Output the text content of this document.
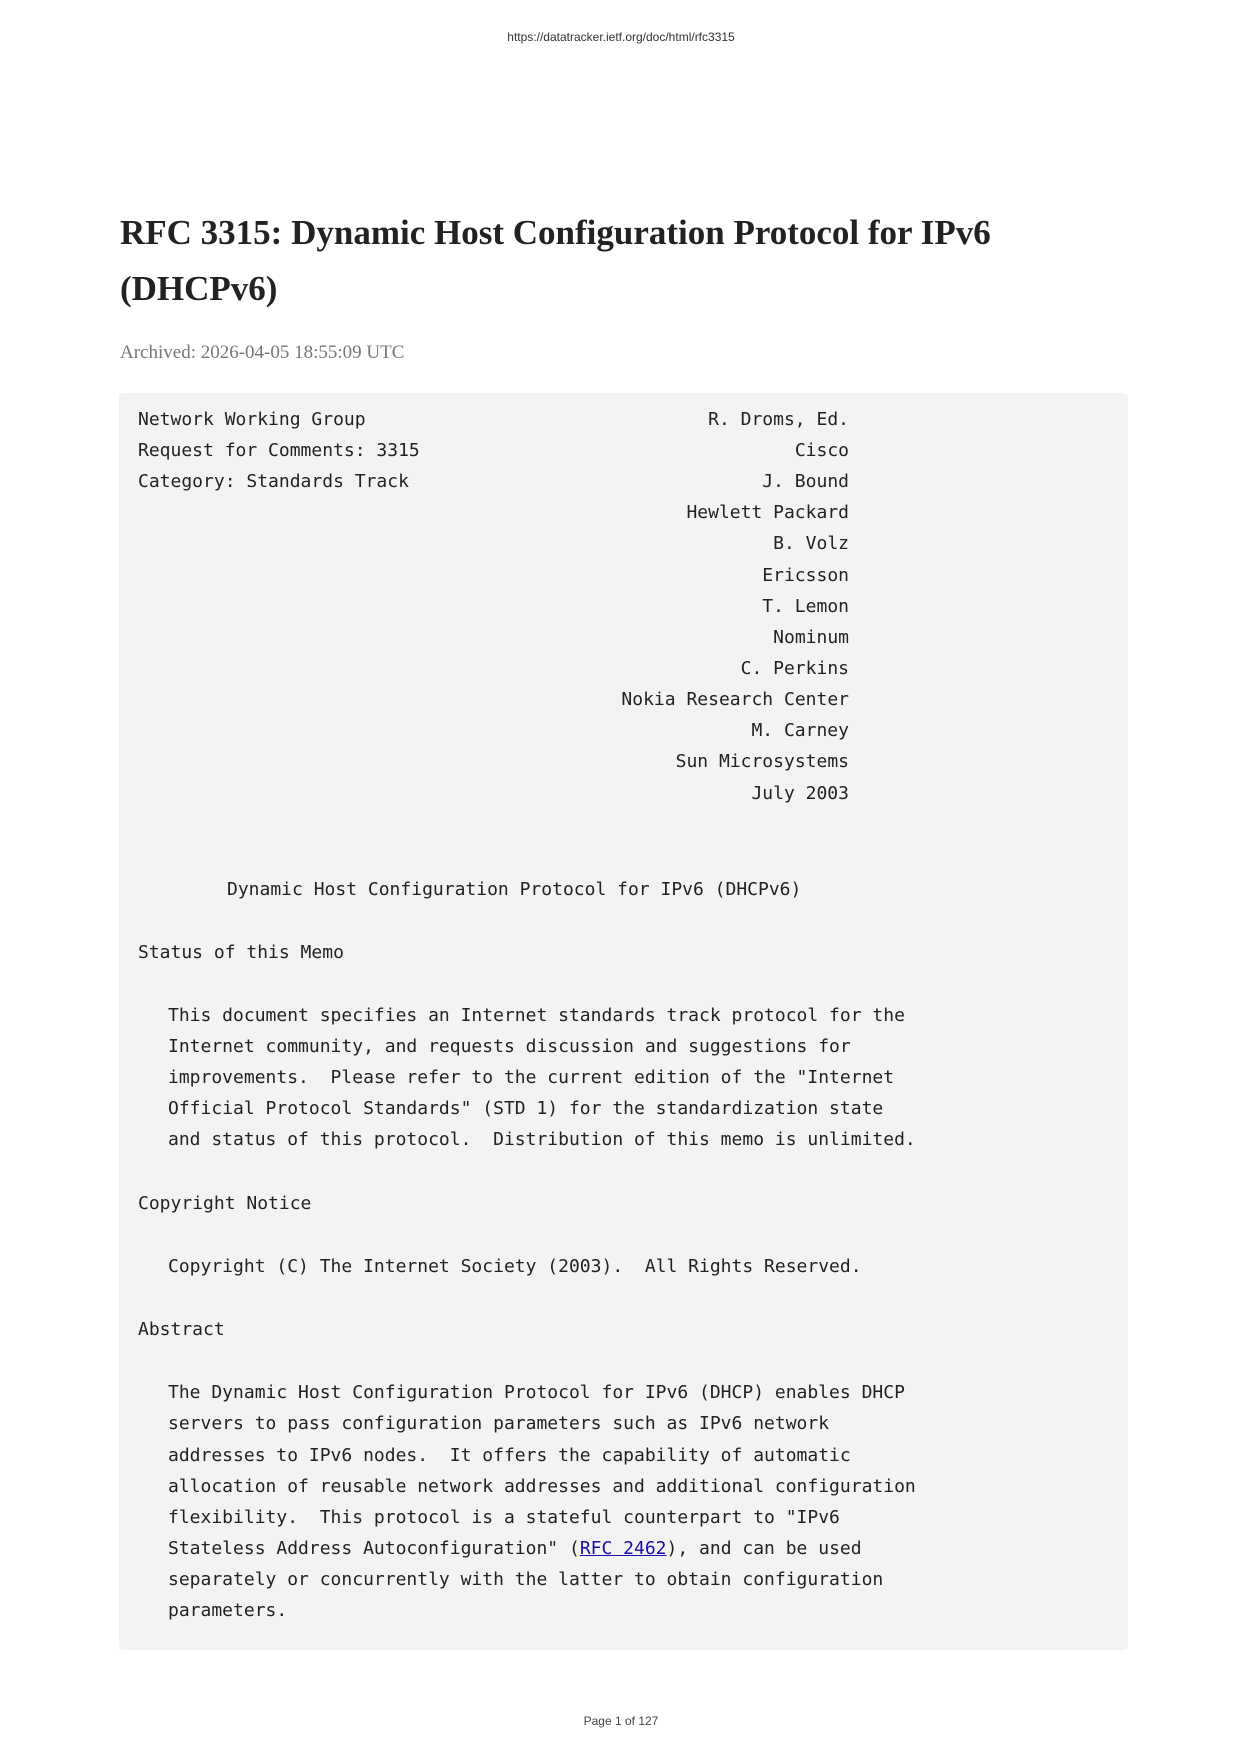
https://datatracker.ietf.org/doc/html/rfc3315
RFC 3315: Dynamic Host Configuration Protocol for IPv6 (DHCPv6)
Archived: 2026-04-05 18:55:09 UTC
Network Working Group
Request for Comments: 3315
Category: Standards Track

R. Droms, Ed.

Cisco

J. Bound

Hewlett Packard

B. Volz

Ericsson

T. Lemon

Nominum

C. Perkins

Nokia Research Center

M. Carney

Sun Microsystems

July 2003

Dynamic Host Configuration Protocol for IPv6 (DHCPv6)
Status of this Memo
This document specifies an Internet standards track protocol for the
Internet community, and requests discussion and suggestions for
improvements.  Please refer to the current edition of the "Internet
Official Protocol Standards" (STD 1) for the standardization state
and status of this protocol.  Distribution of this memo is unlimited.
Copyright Notice
Copyright (C) The Internet Society (2003).  All Rights Reserved.
Abstract
The Dynamic Host Configuration Protocol for IPv6 (DHCP) enables DHCP
servers to pass configuration parameters such as IPv6 network
addresses to IPv6 nodes.  It offers the capability of automatic
allocation of reusable network addresses and additional configuration
flexibility.  This protocol is a stateful counterpart to "IPv6
Stateless Address Autoconfiguration" (RFC 2462), and can be used
separately or concurrently with the latter to obtain configuration
parameters.
Page 1 of 127
